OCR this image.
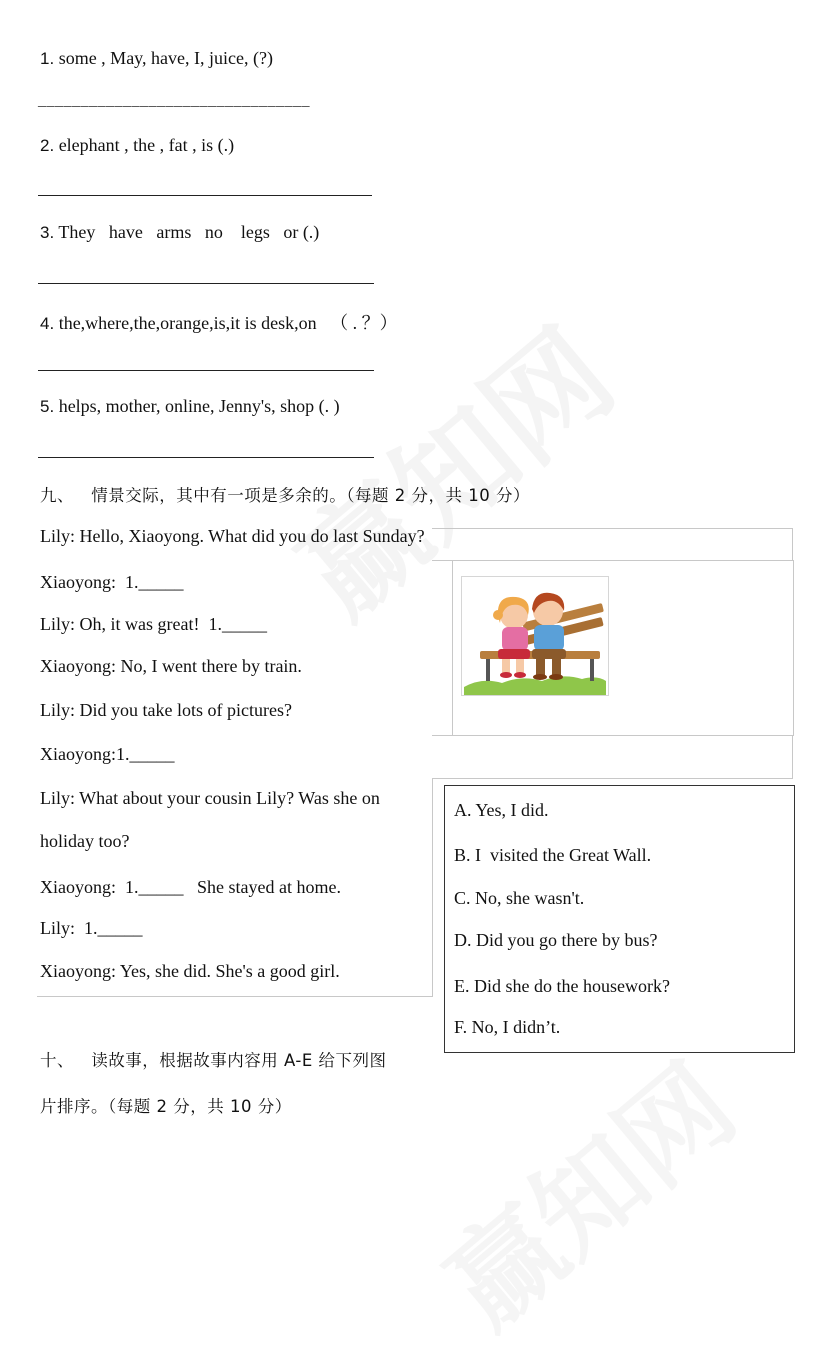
1. some , May, have, I, juice, (?)
________________________________
2. elephant , the , fat , is (.)
3. They   have   arms   no    legs   or (.)
4. the,where,the,orange,is,it is desk,on   （ . ？）
5. helps, mother, online, Jenny's, shop (. )
九、   情景交际，其中有一项是多余的。（每题 2 分，共 10 分）
Lily: Hello, Xiaoyong. What did you do last Sunday?
Xiaoyong:  1._____
Lily: Oh, it was great!  1._____
Xiaoyong: No, I went there by train.
Lily: Did you take lots of pictures?
Xiaoyong:1._____
Lily: What about your cousin Lily? Was she on
holiday too?
Xiaoyong:  1._____   She stayed at home.
Lily:  1._____
Xiaoyong: Yes, she did. She's a good girl.
A. Yes, I did.
B. I  visited the Great Wall.
C. No, she wasn't.
D. Did you go there by bus?
E. Did she do the housework?
F. No, I didn’t.
十、   读故事，根据故事内容用 A-E 给下列图
片排序。（每题 2 分，共 10 分）
